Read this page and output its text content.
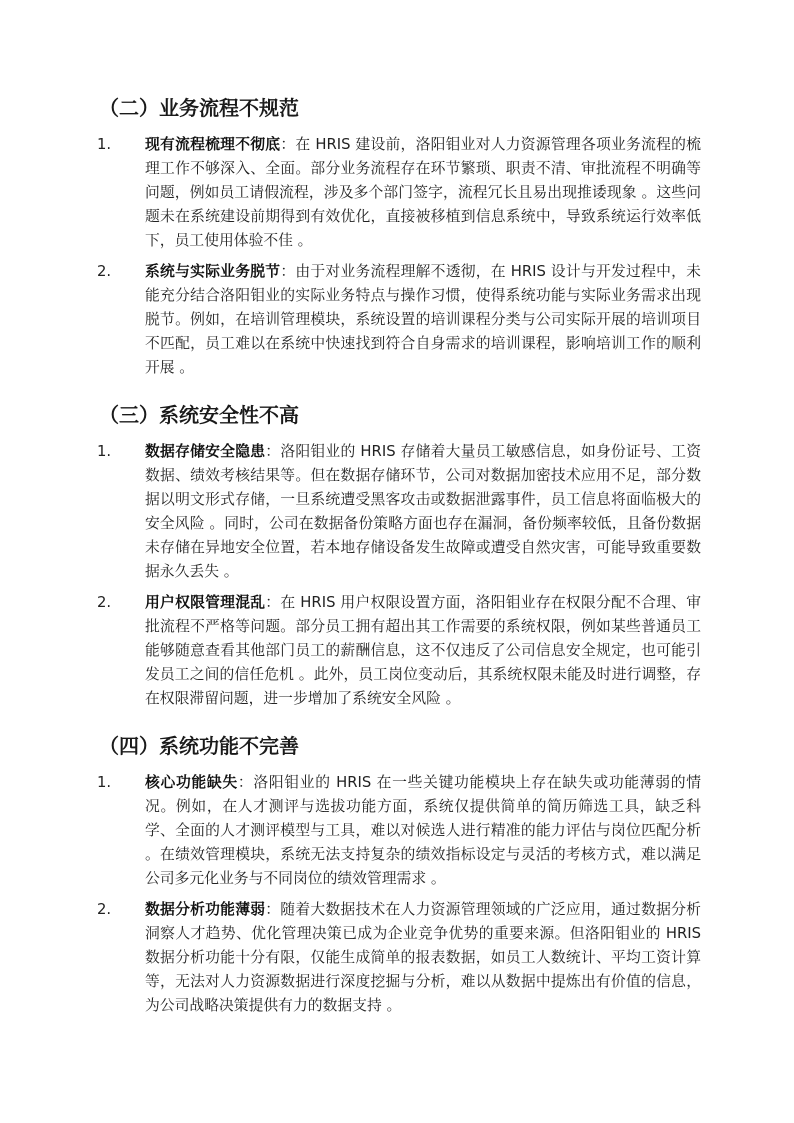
（二）业务流程不规范
1.	现有流程梳理不彻底：在 HRIS 建设前，洛阳钼业对人力资源管理各项业务流程的梳理工作不够深入、全面。部分业务流程存在环节繁琐、职责不清、审批流程不明确等问题，例如员工请假流程，涉及多个部门签字，流程冗长且易出现推诿现象 。这些问题未在系统建设前期得到有效优化，直接被移植到信息系统中，导致系统运行效率低下，员工使用体验不佳 。

2.	系统与实际业务脱节：由于对业务流程理解不透彻，在 HRIS 设计与开发过程中，未能充分结合洛阳钼业的实际业务特点与操作习惯，使得系统功能与实际业务需求出现脱节。例如，在培训管理模块，系统设置的培训课程分类与公司实际开展的培训项目不匹配，员工难以在系统中快速找到符合自身需求的培训课程，影响培训工作的顺利开展 。

（三）系统安全性不高
1.	数据存储安全隐患：洛阳钼业的 HRIS 存储着大量员工敏感信息，如身份证号、工资数据、绩效考核结果等。但在数据存储环节，公司对数据加密技术应用不足，部分数据以明文形式存储，一旦系统遭受黑客攻击或数据泄露事件，员工信息将面临极大的安全风险 。同时，公司在数据备份策略方面也存在漏洞，备份频率较低，且备份数据未存储在异地安全位置，若本地存储设备发生故障或遭受自然灾害，可能导致重要数据永久丢失 。

2.	用户权限管理混乱：在 HRIS 用户权限设置方面，洛阳钼业存在权限分配不合理、审批流程不严格等问题。部分员工拥有超出其工作需要的系统权限，例如某些普通员工能够随意查看其他部门员工的薪酬信息，这不仅违反了公司信息安全规定，也可能引发员工之间的信任危机 。此外，员工岗位变动后，其系统权限未能及时进行调整，存在权限滞留问题，进一步增加了系统安全风险 。

（四）系统功能不完善
1.	核心功能缺失：洛阳钼业的 HRIS 在一些关键功能模块上存在缺失或功能薄弱的情况。例如，在人才测评与选拔功能方面，系统仅提供简单的简历筛选工具，缺乏科学、全面的人才测评模型与工具，难以对候选人进行精准的能力评估与岗位匹配分析 。在绩效管理模块，系统无法支持复杂的绩效指标设定与灵活的考核方式，难以满足公司多元化业务与不同岗位的绩效管理需求 。

2.	数据分析功能薄弱：随着大数据技术在人力资源管理领域的广泛应用，通过数据分析洞察人才趋势、优化管理决策已成为企业竞争优势的重要来源。但洛阳钼业的 HRIS 数据分析功能十分有限，仅能生成简单的报表数据，如员工人数统计、平均工资计算等，无法对人力资源数据进行深度挖掘与分析，难以从数据中提炼出有价值的信息，为公司战略决策提供有力的数据支持 。
